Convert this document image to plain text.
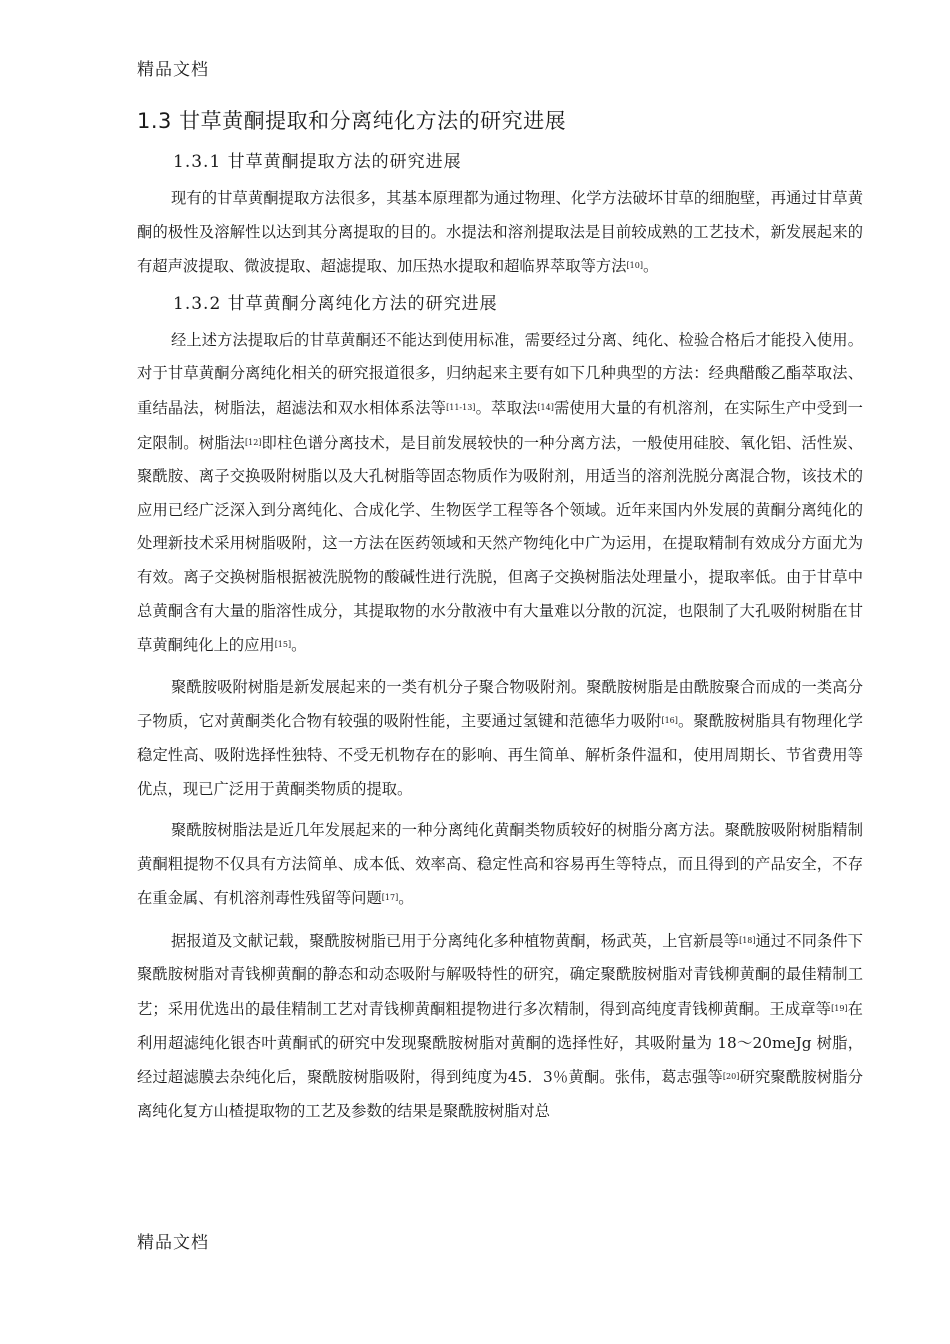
精品文档
1.3 甘草黄酮提取和分离纯化方法的研究进展
1.3.1 甘草黄酮提取方法的研究进展

现有的甘草黄酮提取方法很多，其基本原理都为通过物理、化学方法破坏甘草的细胞壁，再通过甘草黄酮的极性及溶解性以达到其分离提取的目的。水提法和溶剂提取法是目前较成熟的工艺技术，新发展起来的有超声波提取、微波提取、超滤提取、加压热水提取和超临界萃取等方法[10]。

1.3.2 甘草黄酮分离纯化方法的研究进展

经上述方法提取后的甘草黄酮还不能达到使用标准，需要经过分离、纯化、检验合格后才能投入使用。对于甘草黄酮分离纯化相关的研究报道很多，归纳起来主要有如下几种典型的方法：经典醋酸乙酯萃取法、重结晶法，树脂法，超滤法和双水相体系法等[11-13]。萃取法[14]需使用大量的有机溶剂，在实际生产中受到一定限制。树脂法[12]即柱色谱分离技术，是目前发展较快的一种分离方法，一般使用硅胶、氧化铝、活性炭、聚酰胺、离子交换吸附树脂以及大孔树脂等固态物质作为吸附剂，用适当的溶剂洗脱分离混合物，该技术的应用已经广泛深入到分离纯化、合成化学、生物医学工程等各个领域。近年来国内外发展的黄酮分离纯化的处理新技术采用树脂吸附，这一方法在医药领域和天然产物纯化中广为运用，在提取精制有效成分方面尤为有效。离子交换树脂根据被洗脱物的酸碱性进行洗脱，但离子交换树脂法处理量小，提取率低。由于甘草中总黄酮含有大量的脂溶性成分，其提取物的水分散液中有大量难以分散的沉淀，也限制了大孔吸附树脂在甘草黄酮纯化上的应用[15]。

聚酰胺吸附树脂是新发展起来的一类有机分子聚合物吸附剂。聚酰胺树脂是由酰胺聚合而成的一类高分子物质，它对黄酮类化合物有较强的吸附性能，主要通过氢键和范德华力吸附[16]。聚酰胺树脂具有物理化学稳定性高、吸附选择性独特、不受无机物存在的影响、再生简单、解析条件温和，使用周期长、节省费用等优点，现已广泛用于黄酮类物质的提取。

聚酰胺树脂法是近几年发展起来的一种分离纯化黄酮类物质较好的树脂分离方法。聚酰胺吸附树脂精制黄酮粗提物不仅具有方法简单、成本低、效率高、稳定性高和容易再生等特点，而且得到的产品安全，不存在重金属、有机溶剂毒性残留等问题[17]。

据报道及文献记载，聚酰胺树脂已用于分离纯化多种植物黄酮，杨武英，上官新晨等[18]通过不同条件下聚酰胺树脂对青钱柳黄酮的静态和动态吸附与解吸特性的研究，确定聚酰胺树脂对青钱柳黄酮的最佳精制工艺；采用优选出的最佳精制工艺对青钱柳黄酮粗提物进行多次精制，得到高纯度青钱柳黄酮。王成章等[19]在利用超滤纯化银杏叶黄酮甙的研究中发现聚酰胺树脂对黄酮的选择性好，其吸附量为 18～20meJg 树脂，经过超滤膜去杂纯化后，聚酰胺树脂吸附，得到纯度为45．3％黄酮。张伟，葛志强等[20]研究聚酰胺树脂分离纯化复方山楂提取物的工艺及参数的结果是聚酰胺树脂对总

精品文档
